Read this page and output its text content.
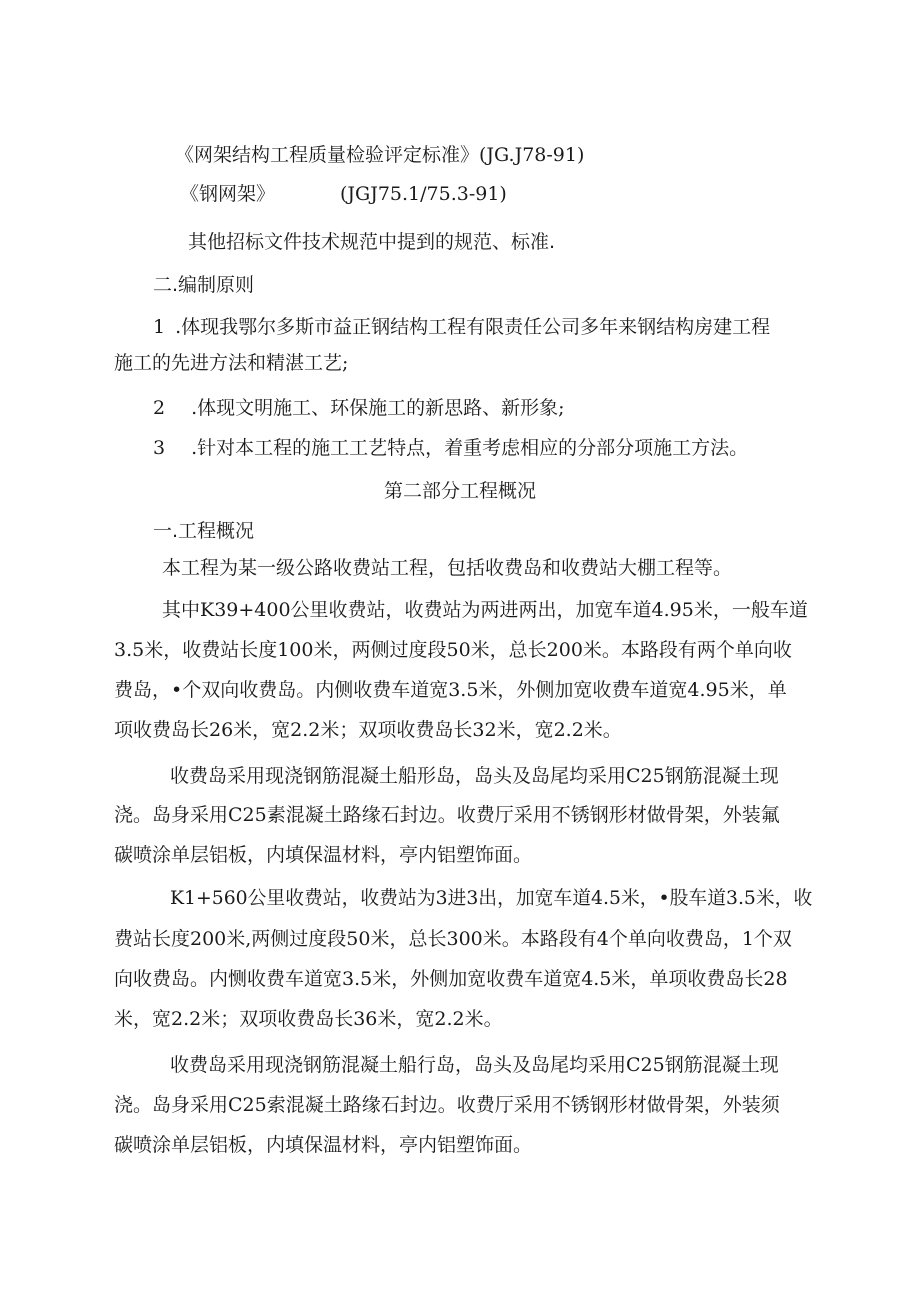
《网架结构工程质量检验评定标准》(JG.J78-91)
《钢网架》	(JGJ75.1/75.3-91)
其他招标文件技术规范中提到的规范、标准.
二.编制原则
1 .体现我鄂尔多斯市益正钢结构工程有限责任公司多年来钢结构房建工程
施工的先进方法和精湛工艺;
2 .体现文明施工、环保施工的新思路、新形象;
3 .针对本工程的施工工艺特点，着重考虑相应的分部分项施工方法。
第二部分工程概况
一.工程概况
本工程为某一级公路收费站工程，包括收费岛和收费站大棚工程等。
其中K39+400公里收费站，收费站为两进两出，加宽车道4.95米，一般车道
3.5米，收费站长度100米，两侧过度段50米，总长200米。本路段有两个单向收
费岛，•个双向收费岛。内侧收费车道宽3.5米，外侧加宽收费车道宽4.95米，单
项收费岛长26米，宽2.2米；双项收费岛长32米，宽2.2米。
收费岛采用现浇钢筋混凝土船形岛，岛头及岛尾均采用C25钢筋混凝土现
浇。岛身采用C25素混凝土路缘石封边。收费厅采用不锈钢形材做骨架，外装氟
碳喷涂单层铝板，内填保温材料，亭内铝塑饰面。
K1+560公里收费站，收费站为3进3出，加宽车道4.5米，•股车道3.5米，收
费站长度200米,两侧过度段50米，总长300米。本路段有4个单向收费岛，1个双
向收费岛。内恻收费车道宽3.5米，外侧加宽收费车道宽4.5米，单项收费岛长28
米，宽2.2米；双项收费岛长36米，宽2.2米。
收费岛采用现浇钢筋混凝土船行岛，岛头及岛尾均采用C25钢筋混凝土现
浇。岛身采用C25索混凝土路缘石封边。收费厅采用不锈钢形材做骨架，外装须
碳喷涂单层铝板，内填保温材料，亭内铝塑饰面。
